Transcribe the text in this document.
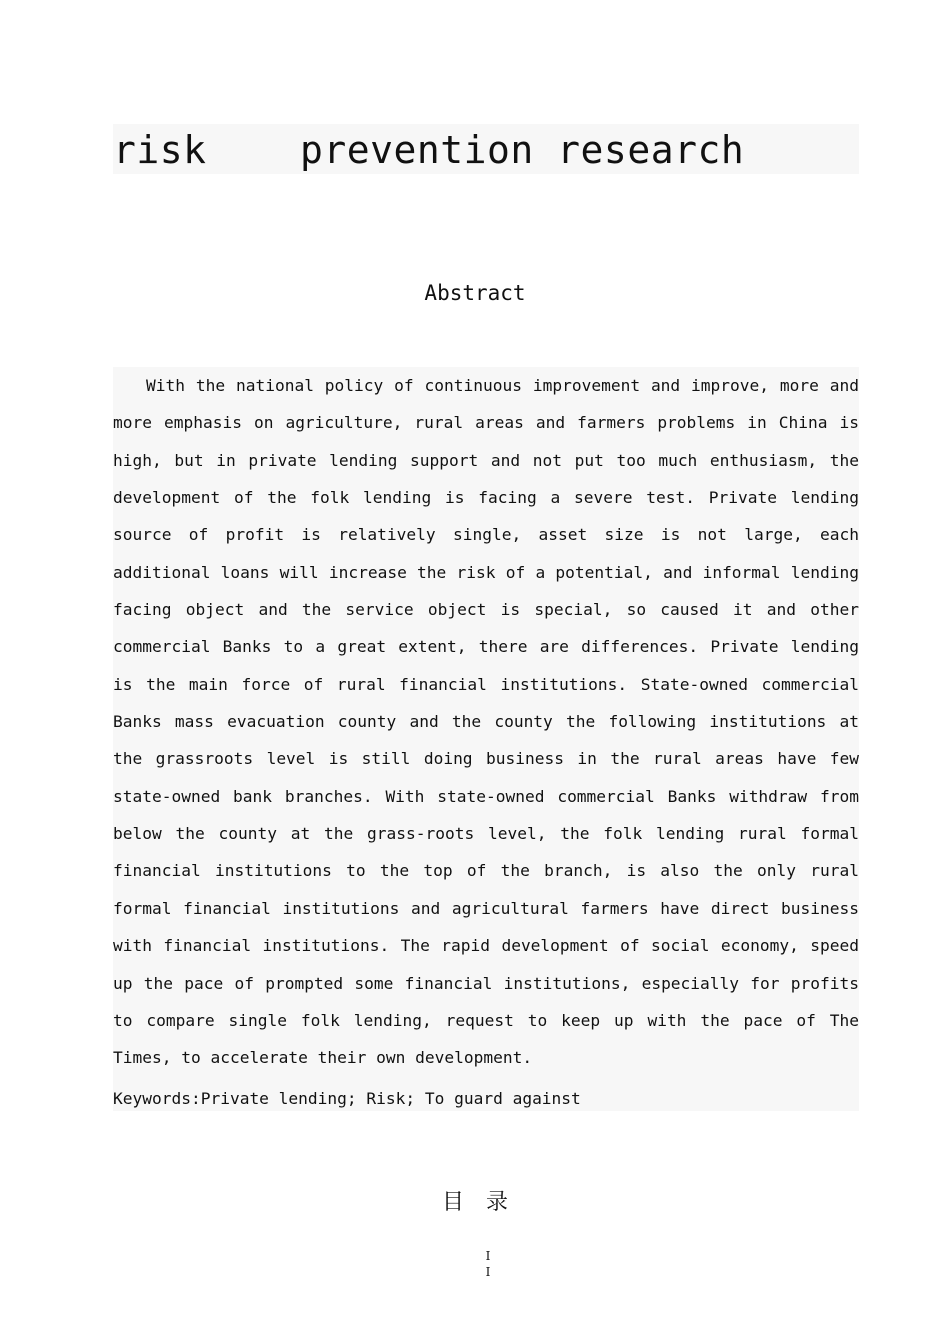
risk    prevention research
Abstract

With the national policy of continuous improvement and improve, more and more emphasis on agriculture, rural areas and farmers problems in China is high, but in private lending support and not put too much enthusiasm, the development of the folk lending is facing a severe test. Private lending source of profit is relatively single, asset size is not large, each additional loans will increase the risk of a potential, and informal lending facing object and the service object is special, so caused it and other commercial Banks to a great extent, there are differences. Private lending is the main force of rural financial institutions. State-owned commercial Banks mass evacuation county and the county the following institutions at the grassroots level is still doing business in the rural areas have few state-owned bank branches. With state-owned commercial Banks withdraw from below the county at the grass-roots level, the folk lending rural formal financial institutions to the top of the branch, is also the only rural formal financial institutions and agricultural farmers have direct business with financial institutions. The rapid development of social economy, speed up the pace of prompted some financial institutions, especially for profits to compare single folk lending, request to keep up with the pace of The Times, to accelerate their own development.

Keywords:Private lending; Risk; To guard against

目录
I
I
